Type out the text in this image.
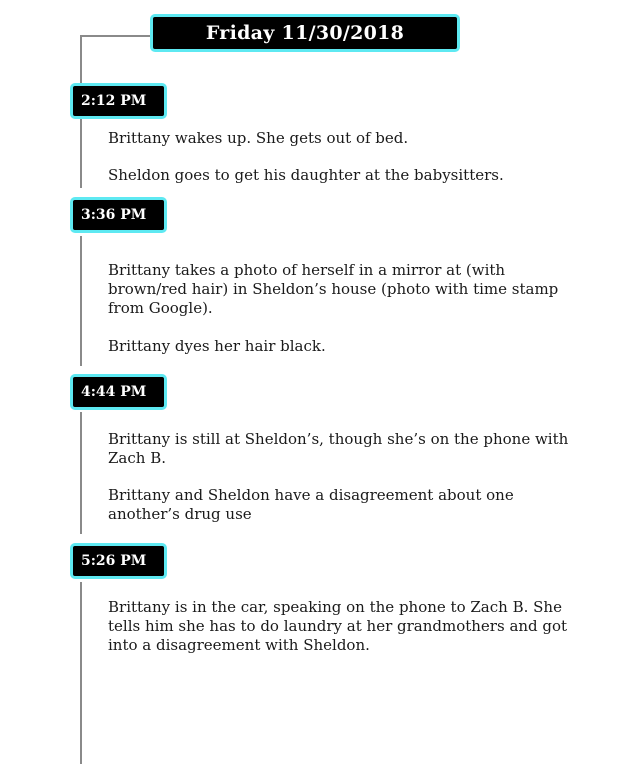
Friday 11/30/2018
2:12 PM

Brittany wakes up. She gets out of bed.

Sheldon goes to get his daughter at the babysitters.

3:36 PM

Brittany takes a photo of herself in a mirror at (with brown/red hair) in Sheldon’s house (photo with time stamp from Google).

Brittany dyes her hair black.

4:44 PM

Brittany is still at Sheldon’s, though she’s on the phone with Zach B.

Brittany and Sheldon have a disagreement about one another’s drug use

5:26 PM

Brittany is in the car, speaking on the phone to Zach B. She tells him she has to do laundry at her grandmothers and got into a disagreement with Sheldon.
